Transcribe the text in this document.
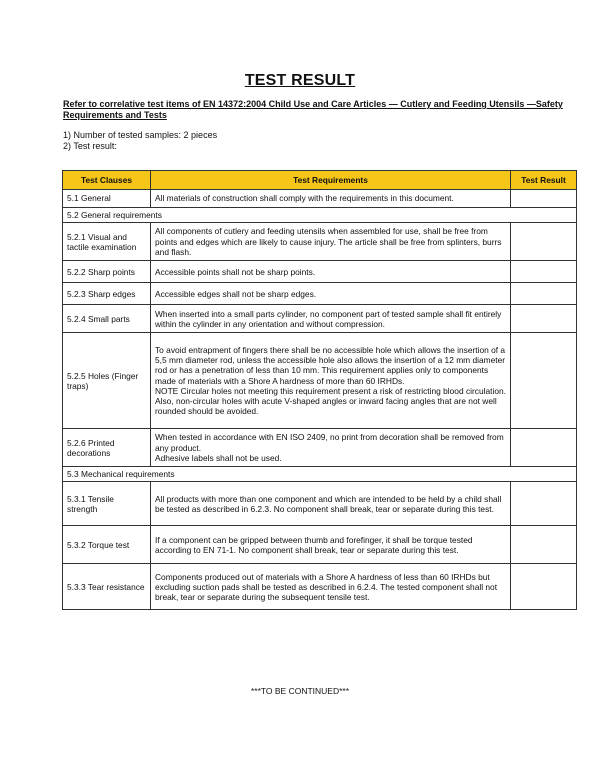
TEST RESULT
Refer to correlative test items of EN 14372:2004 Child Use and Care Articles — Cutlery and Feeding Utensils —Safety Requirements and Tests
1) Number of tested samples: 2 pieces
2) Test result:
Test Clauses	Test Requirements	Test Result
5.1 General	All materials of construction shall comply with the requirements in this document.	

5.2 General requirements		
5.2.1 Visual and tactile examination	All components of cutlery and feeding utensils when assembled for use, shall be free from points and edges which are likely to cause injury. The article shall be free from splinters, burrs and flash.	

5.2.2 Sharp points	Accessible points shall not be sharp points.	

5.2.3 Sharp edges	Accessible edges shall not be sharp edges.	

5.2.4 Small parts	When inserted into a small parts cylinder, no component part of tested sample shall fit entirely within the cylinder in any orientation and without compression.	

5.2.5 Holes (Finger traps)	To avoid entrapment of fingers there shall be no accessible hole which allows the insertion of a 5,5 mm diameter rod, unless the accessible hole also allows the insertion of a 12 mm diameter rod or has a penetration of less than 10 mm. This requirement applies only to components made of materials with a Shore A hardness of more than 60 IRHDs.
NOTE Circular holes not meeting this requirement present a risk of restricting blood circulation. Also, non-circular holes with acute V-shaped angles or inward facing angles that are not well rounded should be avoided.	

5.2.6 Printed decorations	When tested in accordance with EN ISO 2409, no print from decoration shall be removed from any product.
Adhesive labels shall not be used.	

5.3 Mechanical requirements		
5.3.1 Tensile strength	All products with more than one component and which are intended to be held by a child shall be tested as described in 6.2.3. No component shall break, tear or separate during this test.	

5.3.2 Torque test	If a component can be gripped between thumb and forefinger, it shall be torque tested according to EN 71-1. No component shall break, tear or separate during this test.	

5.3.3 Tear resistance	Components produced out of materials with a Shore A hardness of less than 60 IRHDs but excluding suction pads shall be tested as described in 6.2.4. The tested component shall not break, tear or separate during the subsequent tensile test.	

***TO BE CONTINUED***
